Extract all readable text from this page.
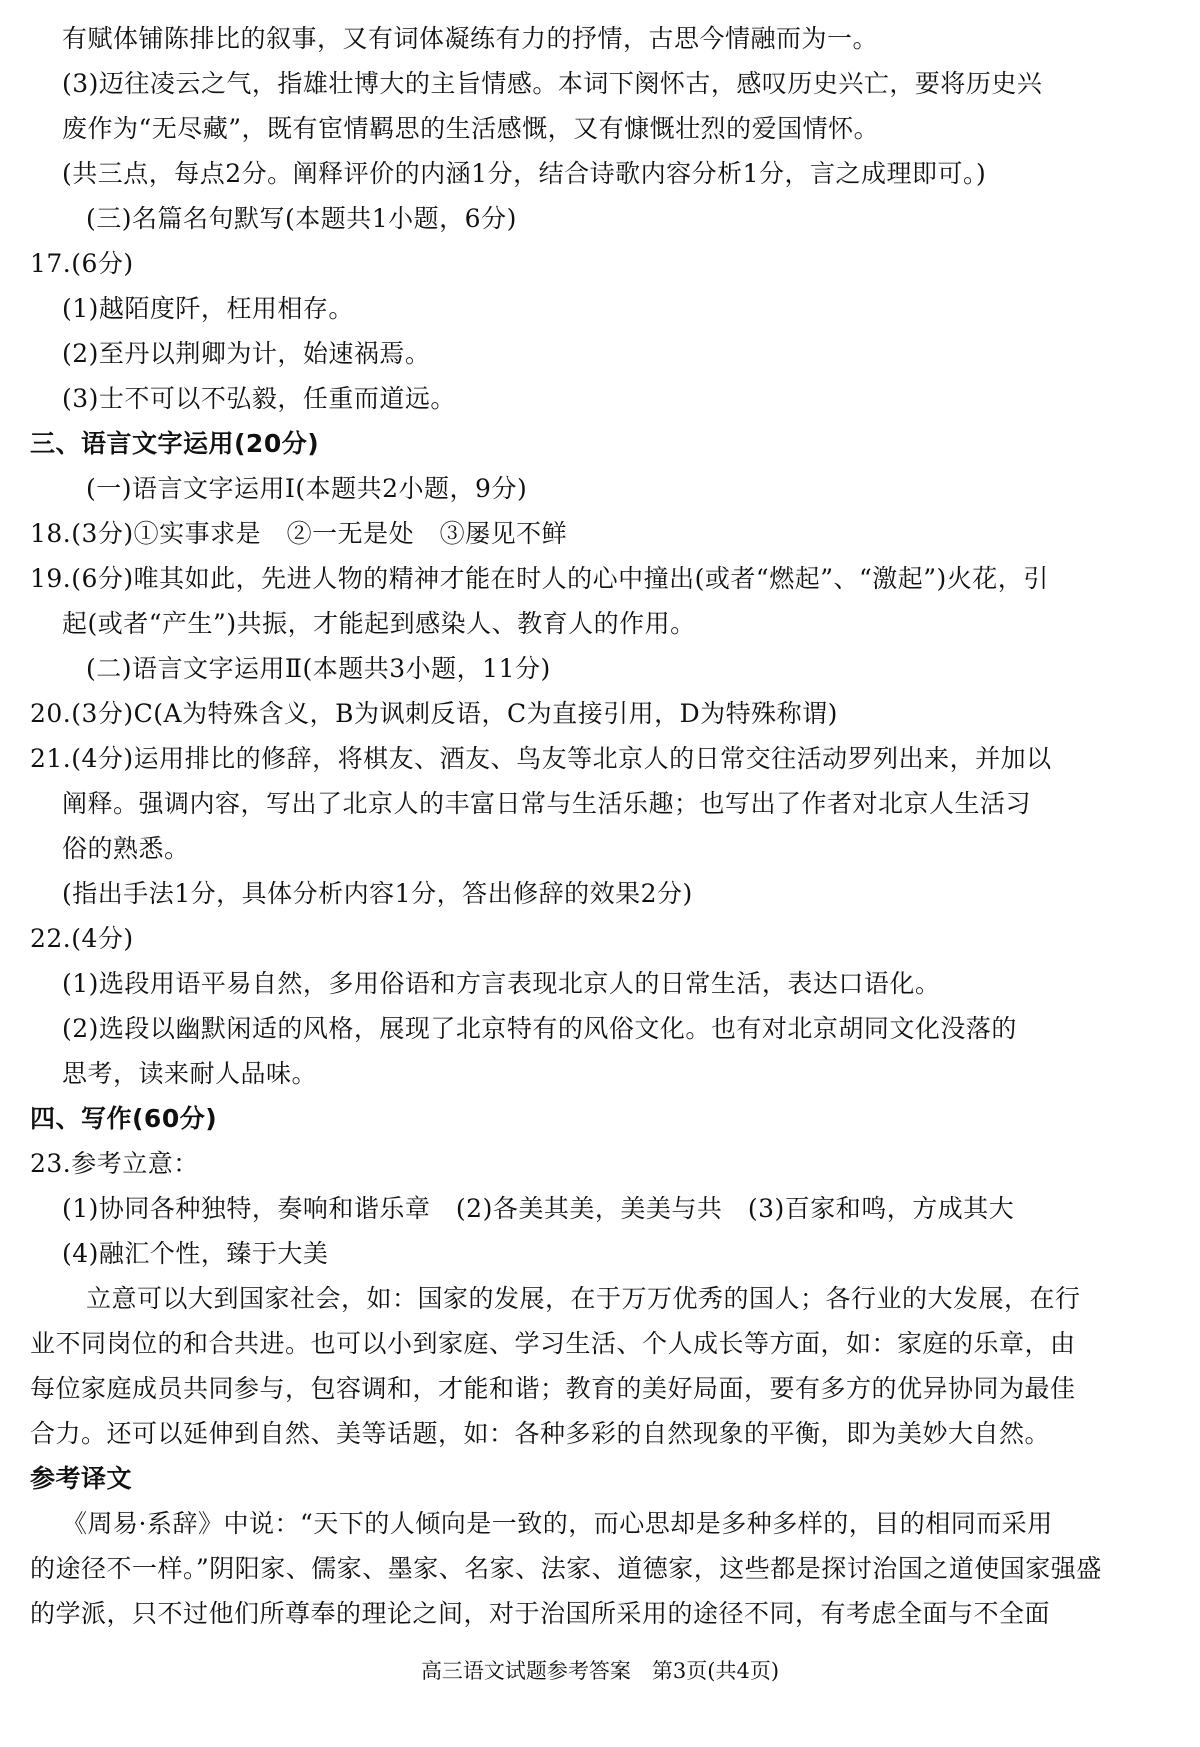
有赋体铺陈排比的叙事，又有词体凝练有力的抒情，古思今情融而为一。
(3)迈往凌云之气，指雄壮博大的主旨情感。本词下阕怀古，感叹历史兴亡，要将历史兴
废作为“无尽藏”，既有宦情羁思的生活感慨，又有慷慨壮烈的爱国情怀。
(共三点，每点2分。阐释评价的内涵1分，结合诗歌内容分析1分，言之成理即可。)
(三)名篇名句默写(本题共1小题，6分)
17.(6分)
(1)越陌度阡，枉用相存。
(2)至丹以荆卿为计，始速祸焉。
(3)士不可以不弘毅，任重而道远。
三、语言文字运用(20分)
(一)语言文字运用Ⅰ(本题共2小题，9分)
18.(3分)①实事求是　②一无是处　③屡见不鲜
19.(6分)唯其如此，先进人物的精神才能在时人的心中撞出(或者“燃起”、“激起”)火花，引
起(或者“产生”)共振，才能起到感染人、教育人的作用。
(二)语言文字运用Ⅱ(本题共3小题，11分)
20.(3分)C(A为特殊含义，B为讽刺反语，C为直接引用，D为特殊称谓)
21.(4分)运用排比的修辞，将棋友、酒友、鸟友等北京人的日常交往活动罗列出来，并加以
阐释。强调内容，写出了北京人的丰富日常与生活乐趣；也写出了作者对北京人生活习
俗的熟悉。
(指出手法1分，具体分析内容1分，答出修辞的效果2分)
22.(4分)
(1)选段用语平易自然，多用俗语和方言表现北京人的日常生活，表达口语化。
(2)选段以幽默闲适的风格，展现了北京特有的风俗文化。也有对北京胡同文化没落的
思考，读来耐人品味。
四、写作(60分)
23.参考立意：
(1)协同各种独特，奏响和谐乐章　(2)各美其美，美美与共　(3)百家和鸣，方成其大
(4)融汇个性，臻于大美
立意可以大到国家社会，如：国家的发展，在于万万优秀的国人；各行业的大发展，在行
业不同岗位的和合共进。也可以小到家庭、学习生活、个人成长等方面，如：家庭的乐章，由
每位家庭成员共同参与，包容调和，才能和谐；教育的美好局面，要有多方的优异协同为最佳
合力。还可以延伸到自然、美等话题，如：各种多彩的自然现象的平衡，即为美妙大自然。
参考译文
《周易·系辞》中说：“天下的人倾向是一致的，而心思却是多种多样的，目的相同而采用
的途径不一样。”阴阳家、儒家、墨家、名家、法家、道德家，这些都是探讨治国之道使国家强盛
的学派，只不过他们所尊奉的理论之间，对于治国所采用的途径不同，有考虑全面与不全面
高三语文试题参考答案　第3页(共4页)
